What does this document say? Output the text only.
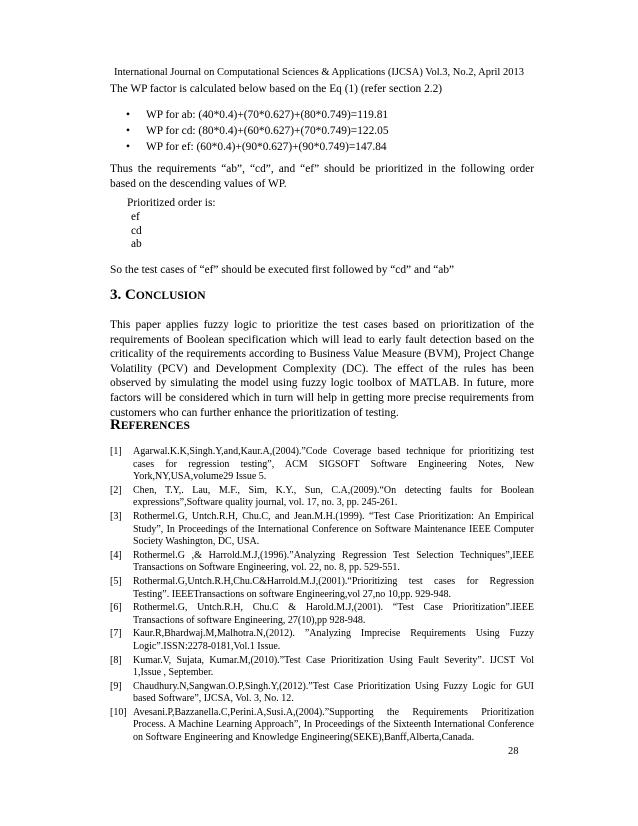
International Journal on Computational Sciences & Applications (IJCSA) Vol.3, No.2, April 2013

The WP factor is calculated below based on the Eq (1) (refer section 2.2)

• WP for ab: (40*0.4)+(70*0.627)+(80*0.749)=119.81
• WP for cd: (80*0.4)+(60*0.627)+(70*0.749)=122.05
• WP for ef: (60*0.4)+(90*0.627)+(90*0.749)=147.84

Thus the requirements “ab”, “cd”, and “ef” should be prioritized in the following order based on the descending values of WP.

Prioritized order is:
ef
cd
ab

So the test cases of “ef” should be executed first followed by “cd” and “ab”

3. CONCLUSION

This paper applies fuzzy logic to prioritize the test cases based on prioritization of the requirements of Boolean specification which will lead to early fault detection based on the criticality of the requirements according to Business Value Measure (BVM), Project Change Volatility (PCV) and Development Complexity (DC). The effect of the rules has been observed by simulating the model using fuzzy logic toolbox of MATLAB. In future, more factors will be considered which in turn will help in getting more precise requirements from customers who can further enhance the prioritization of testing.

REFERENCES
[1]	Agarwal.K.K,Singh.Y,and,Kaur.A,(2004).”Code Coverage based technique for prioritizing test cases for regression testing”, ACM SIGSOFT Software Engineering Notes, New York,NY,USA,volume29 Issue 5.
[2]	Chen, T.Y,. Lau, M.F., Sim, K.Y., Sun, C.A,(2009).“On detecting faults for Boolean expressions”,Software quality journal, vol. 17, no. 3, pp. 245-261.
[3]	Rothermel.G, Untch.R.H, Chu.C, and Jean.M.H.(1999). “Test Case Prioritization: An Empirical Study”, In Proceedings of the International Conference on Software Maintenance IEEE Computer Society Washington, DC, USA.
[4]	Rothermel.G ,& Harrold.M.J,(1996).”Analyzing Regression Test Selection Techniques”,IEEE Transactions on Software Engineering, vol. 22, no. 8, pp. 529-551.
[5]	Rothermal.G,Untch.R.H,Chu.C&Harrold.M.J,(2001).“Prioritizing test cases for Regression Testing”. IEEETransactions on software Engineering,vol 27,no 10,pp. 929-948.
[6]	Rothermel.G, Untch.R.H, Chu.C & Harold.M.J,(2001). “Test Case Prioritization”.IEEE Transactions of software Engineering, 27(10),pp 928-948.
[7]	Kaur.R,Bhardwaj.M,Malhotra.N,(2012). ”Analyzing Imprecise Requirements Using Fuzzy Logic”.ISSN:2278-0181,Vol.1 Issue.
[8]	Kumar.V, Sujata, Kumar.M,(2010).”Test Case Prioritization Using Fault Severity”. IJCST Vol 1,Issue , September.
[9]	Chaudhury.N,Sangwan.O.P,Singh.Y,(2012).”Test Case Prioritization Using Fuzzy Logic for GUI based Software”, IJCSA, Vol. 3, No. 12.
[10] Avesani.P,Bazzanella.C,Perini.A,Susi.A,(2004).”Supporting the Requirements Prioritization Process. A Machine Learning Approach”, In Proceedings of the Sixteenth International Conference on Software Engineering and Knowledge Engineering(SEKE),Banff,Alberta,Canada.
28
